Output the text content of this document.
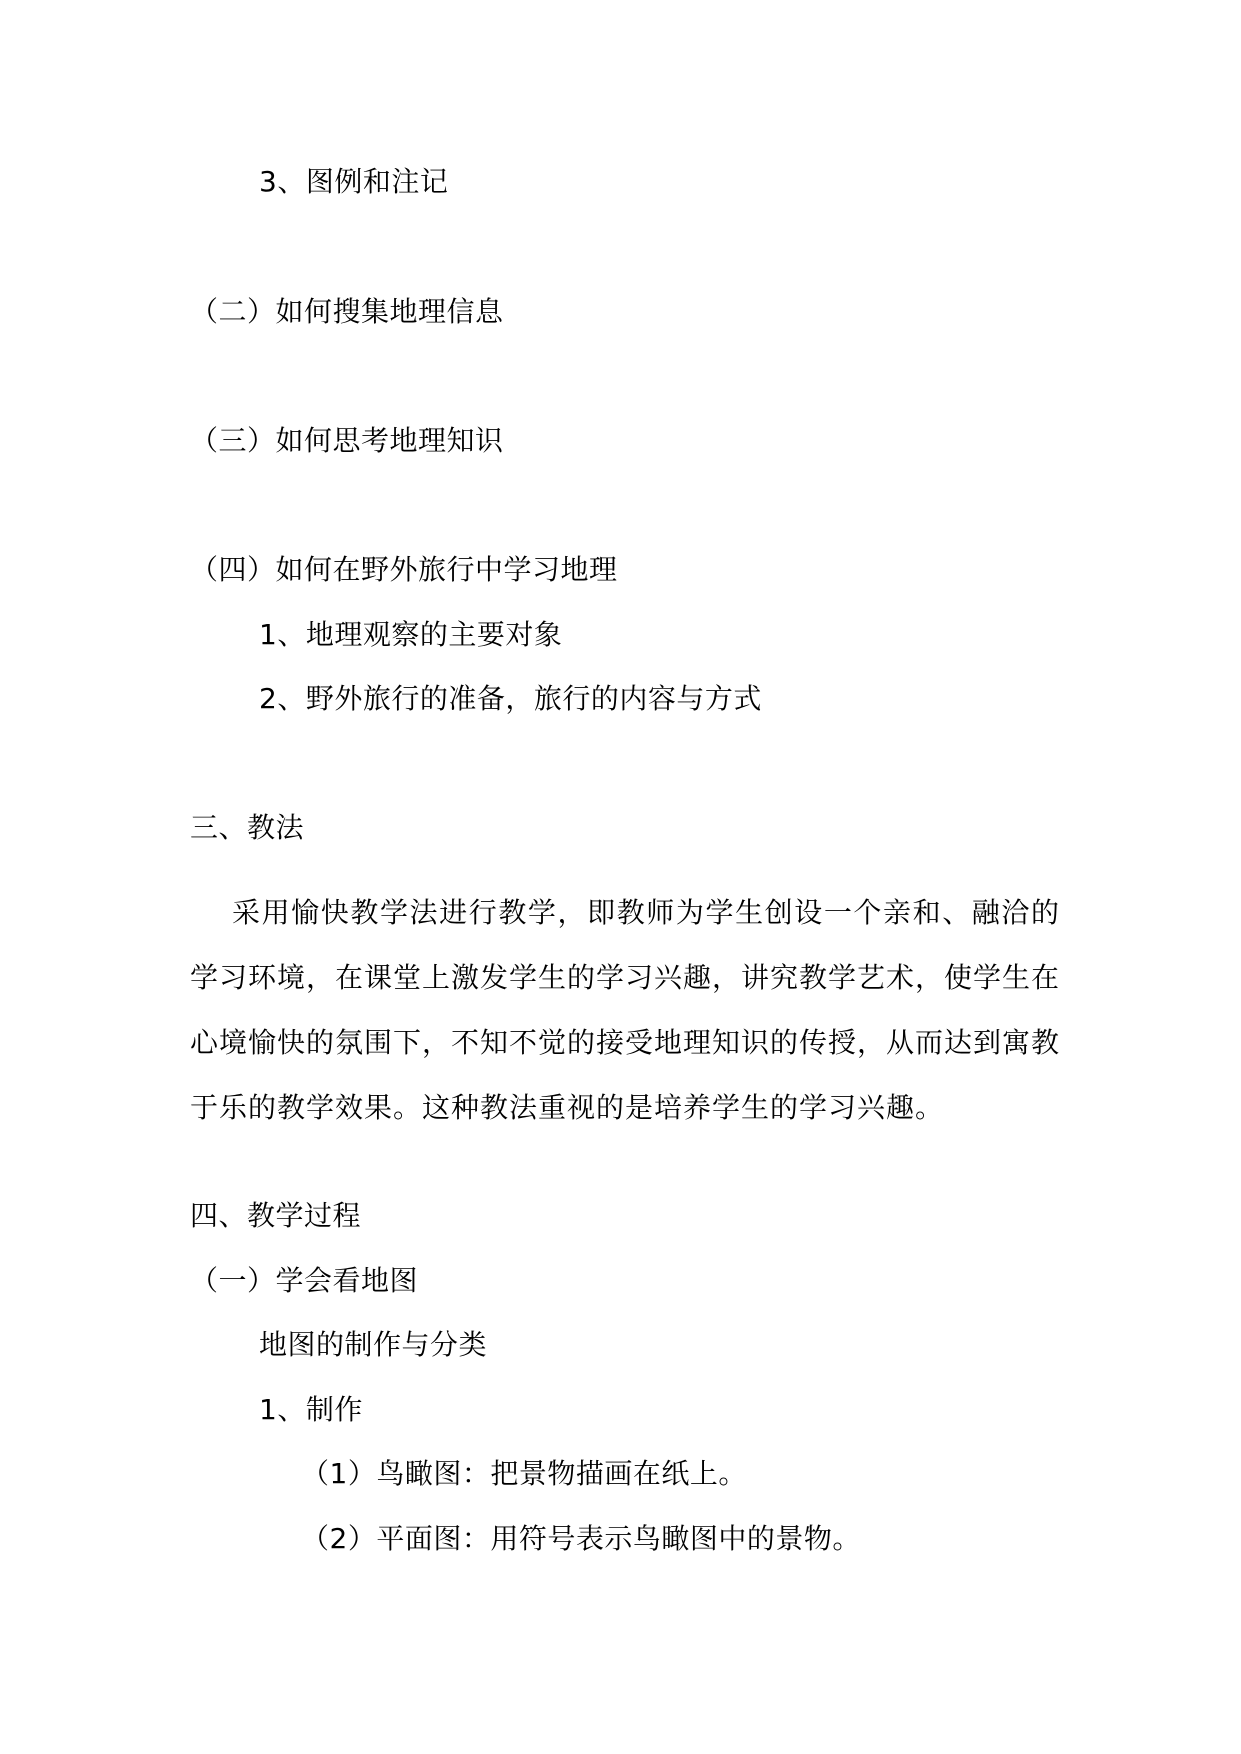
3、图例和注记
（二）如何搜集地理信息
（三）如何思考地理知识
（四）如何在野外旅行中学习地理
1、地理观察的主要对象
2、野外旅行的准备，旅行的内容与方式
三、教法
采用愉快教学法进行教学，即教师为学生创设一个亲和、融洽的学习环境，在课堂上激发学生的学习兴趣，讲究教学艺术，使学生在心境愉快的氛围下，不知不觉的接受地理知识的传授，从而达到寓教于乐的教学效果。这种教法重视的是培养学生的学习兴趣。
四、教学过程
（一）学会看地图
地图的制作与分类
1、制作
（1）鸟瞰图：把景物描画在纸上。
（2）平面图：用符号表示鸟瞰图中的景物。
